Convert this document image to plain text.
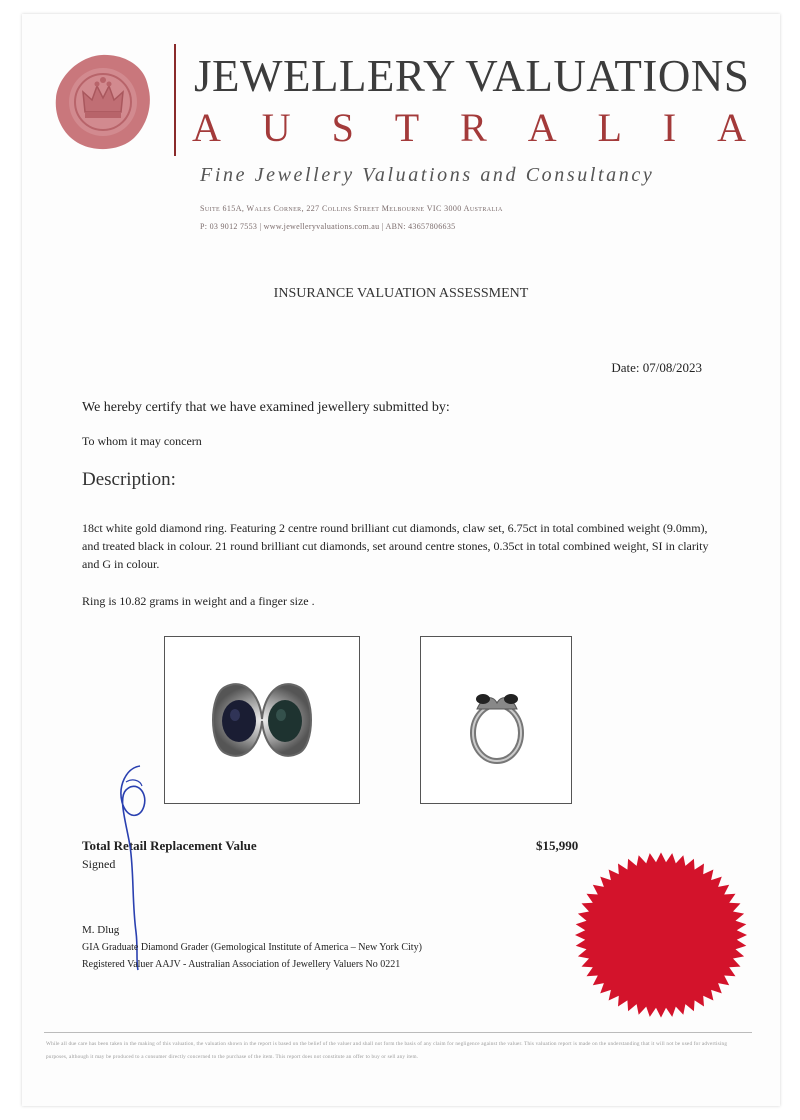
JEWELLERY VALUATIONS
A U S T R A L I A
Fine Jewellery Valuations and Consultancy
Suite 615A, Wales Corner, 227 Collins Street Melbourne VIC 3000 Australia
P: 03 9012 7553 | www.jewelleryvaluations.com.au | ABN: 43657806635
INSURANCE VALUATION ASSESSMENT
Date: 07/08/2023
We hereby certify that we have examined jewellery submitted by:
To whom it may concern
Description:
18ct white gold diamond ring. Featuring 2 centre round brilliant cut diamonds, claw set, 6.75ct in total combined weight (9.0mm), and treated black in colour. 21 round brilliant cut diamonds, set around centre stones, 0.35ct in total combined weight, SI in clarity and G in colour.
Ring is 10.82 grams in weight and a finger size .
Total Retail Replacement Value
Signed
$15,990
M. Dlug
GIA Graduate Diamond Grader (Gemological Institute of America – New York City)
Registered Valuer AAJV - Australian Association of Jewellery Valuers No 0221
While all due care has been taken in the making of this valuation, the valuation shown in the report is based on the belief of the valuer and shall not form the basis of any claim for negligence against the valuer. This valuation report is made on the understanding that it will not be used for advertising purposes, although it may be produced to a consumer directly concerned to the purchase of the item. This report does not constitute an offer to buy or sell any item.
